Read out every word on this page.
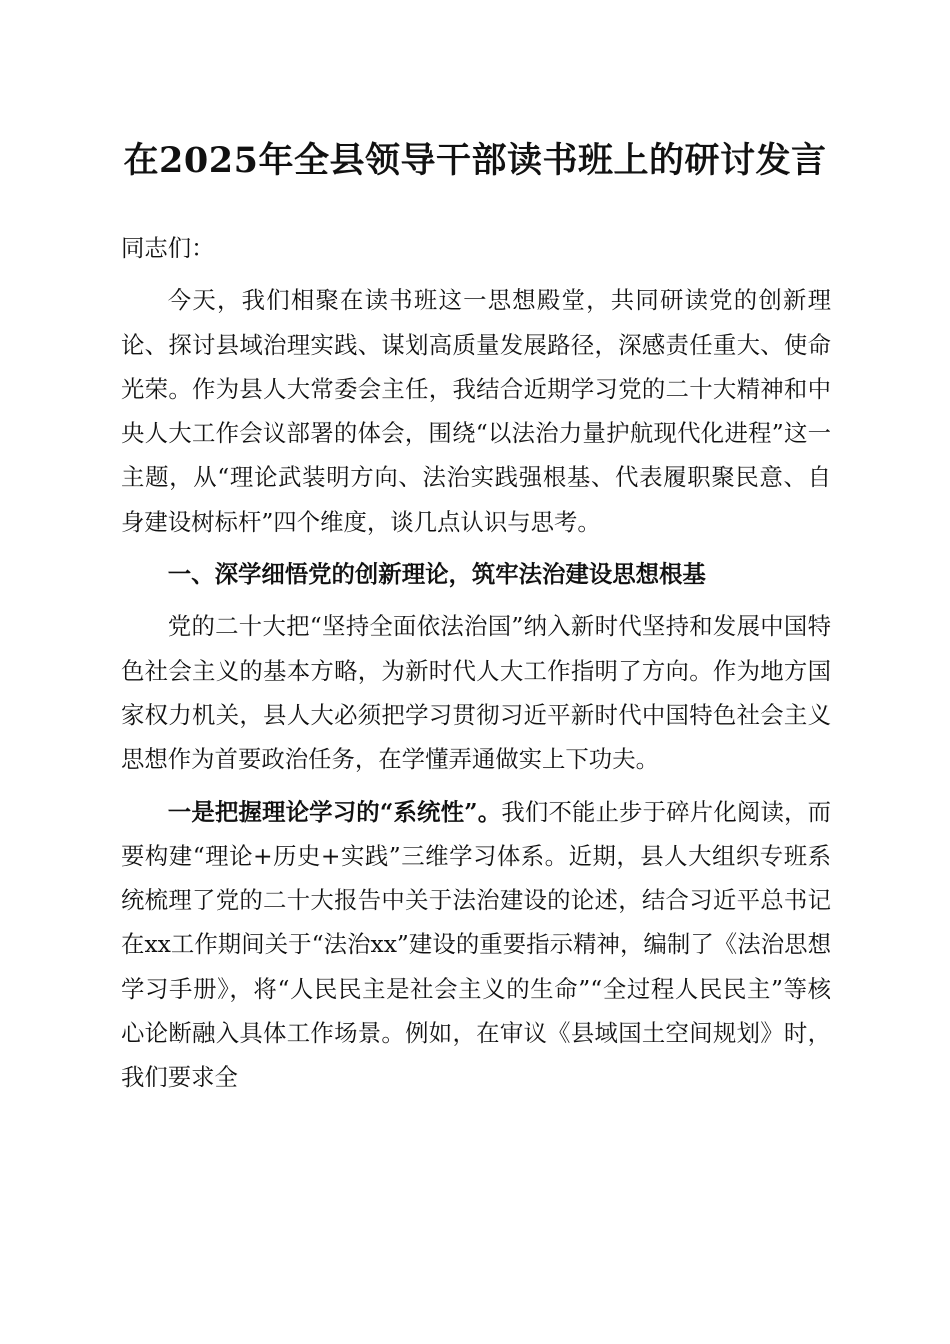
在2025年全县领导干部读书班上的研讨发言

同志们：

今天，我们相聚在读书班这一思想殿堂，共同研读党的创新理论、探讨县域治理实践、谋划高质量发展路径，深感责任重大、使命光荣。作为县人大常委会主任，我结合近期学习党的二十大精神和中央人大工作会议部署的体会，围绕“以法治力量护航现代化进程”这一主题，从“理论武装明方向、法治实践强根基、代表履职聚民意、自身建设树标杆”四个维度，谈几点认识与思考。

一、深学细悟党的创新理论，筑牢法治建设思想根基

党的二十大把“坚持全面依法治国”纳入新时代坚持和发展中国特色社会主义的基本方略，为新时代人大工作指明了方向。作为地方国家权力机关，县人大必须把学习贯彻习近平新时代中国特色社会主义思想作为首要政治任务，在学懂弄通做实上下功夫。

一是把握理论学习的“系统性”。我们不能止步于碎片化阅读，而要构建“理论+历史+实践”三维学习体系。近期，县人大组织专班系统梳理了党的二十大报告中关于法治建设的论述，结合习近平总书记在xx工作期间关于“法治xx”建设的重要指示精神，编制了《法治思想学习手册》，将“人民民主是社会主义的生命”“全过程人民民主”等核心论断融入具体工作场景。例如，在审议《县域国土空间规划》时，我们要求全
